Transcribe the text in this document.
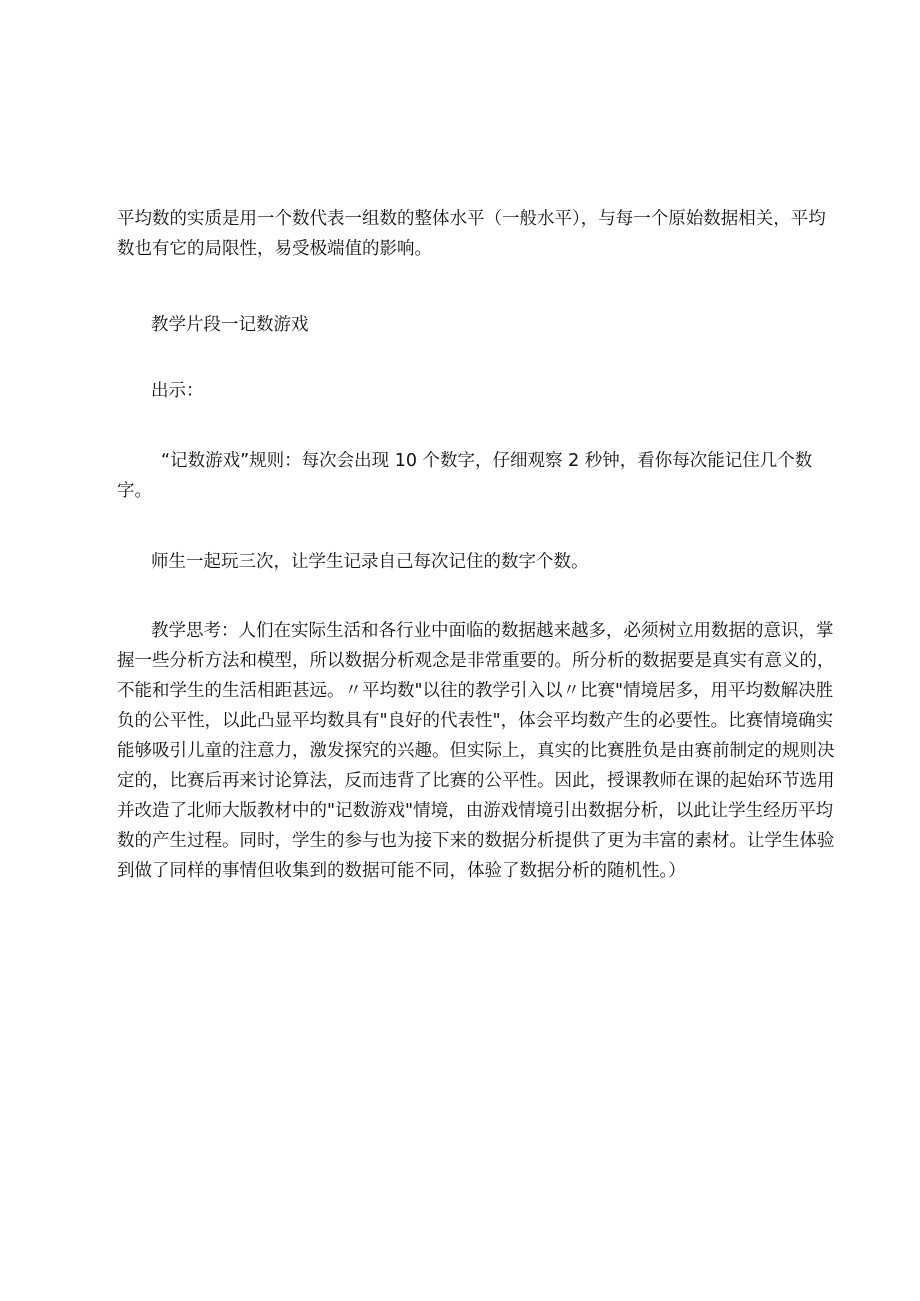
平均数的实质是用一个数代表一组数的整体水平（一般水平），与每一个原始数据相关，平均
数也有它的局限性，易受极端值的影响。

教学片段一记数游戏

出示：

“记数游戏”规则：每次会出现 10 个数字，仔细观察 2 秒钟，看你每次能记住几个数
字。

师生一起玩三次，让学生记录自己每次记住的数字个数。

教学思考：人们在实际生活和各行业中面临的数据越来越多，必须树立用数据的意识，掌
握一些分析方法和模型，所以数据分析观念是非常重要的。所分析的数据要是真实有意义的，
不能和学生的生活相距甚远。〃平均数"以往的教学引入以〃比赛"情境居多，用平均数解决胜
负的公平性，以此凸显平均数具有"良好的代表性"，体会平均数产生的必要性。比赛情境确实
能够吸引儿童的注意力，激发探究的兴趣。但实际上，真实的比赛胜负是由赛前制定的规则决
定的，比赛后再来讨论算法，反而违背了比赛的公平性。因此，授课教师在课的起始环节选用
并改造了北师大版教材中的"记数游戏"情境，由游戏情境引出数据分析，以此让学生经历平均
数的产生过程。同时，学生的参与也为接下来的数据分析提供了更为丰富的素材。让学生体验
到做了同样的事情但收集到的数据可能不同，体验了数据分析的随机性。）
